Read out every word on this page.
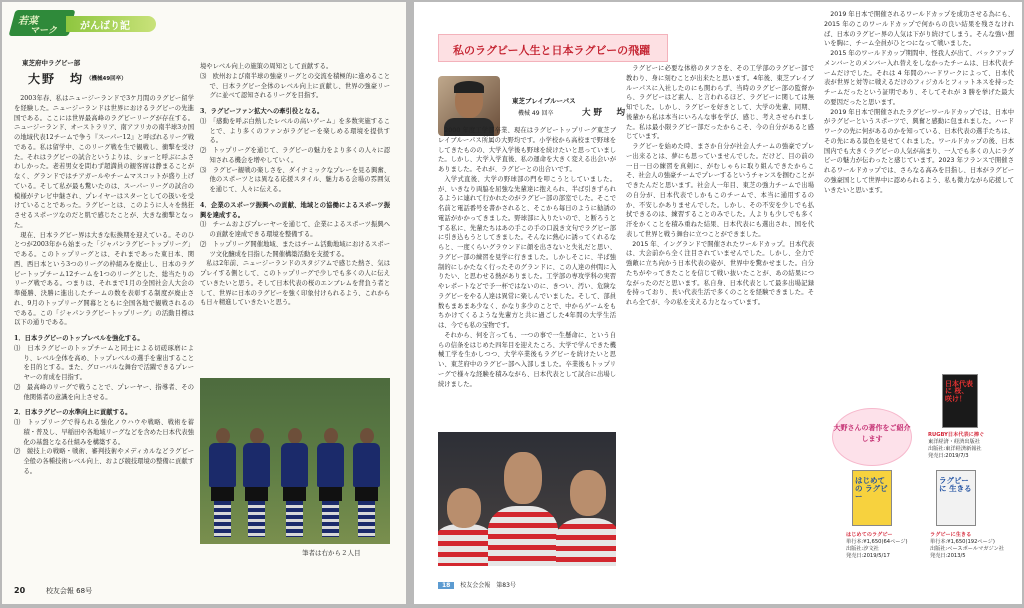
若菜
マーク がんばり記
東芝府中ラグビー部
大野　均 （機械49回卒）

2003年春、私はニュージーランドで3ケ月間のラグビー留学を経験した。ニュージーランドは世界におけるラグビーの先進国である。ここには世界最高峰のラグビーリーグが存在する。ニュージーランド、オーストラリア、南アフリカの南半球3カ国の地域代表12チームで争う『スーパー12』と呼ばれるリーグ戦である。私は留学中、このリーグ戦を生で観戦し、衝撃を受けた。それはラグビーの試合というよりは、ショーと呼ぶにふさわしかった。老若男女を問わず超満員の観客席は静まることがなく、グランドではチアガールやチームマスコットが盛り上げている。そして私が最も驚いたのは、スーパーリーグの試合の模様がテレビ中継され、プレイヤーはスターとしての扱いを受けていることであった。ラグビーとは、このように人々を熱狂させるスポーツなのだと肌で感じたことが、大きな衝撃となった。

現在、日本ラグビー界は大きな転換期を迎えている。そのひとつが2003年から始まった「ジャパンラグビートップリーグ」である。このトップリーグとは、それまであった東日本、関西、西日本という3つのリーグの枠組みを廃止し、日本のラグビートップチーム12チームを1つのリーグとした、総当たりのリーグ戦である。つまりは、それまで1月の全国社会人大会の準優勝、決勝に進出したチームの数を表彰する制度が廃止され、9月のトップリーグ開幕とともに全国各地で観戦されるのである。この「ジャパンラグビートップリーグ」の活動目標は以下の通りである。

1．日本ラグビーのトップレベルを強化する。

⑴　日本ラグビーのトップチームと同士による切磋琢磨により、レベル全体を高め、トップレベルの選手を輩出することを目的とする。また、グローバルな舞台で活躍できるプレーヤーの育成を目指す。

⑵　最高峰のリーグで戦うことで、プレーヤー、指導者、その他関係者の意識を向上させる。

2．日本ラグビーの水準向上に貢献する。

⑴　トップリーグで得られる強化ノウハウや戦略、戦術を蓄積・普及し、早稲田や各地域リーグなどを含めた日本代表強化の基盤となる仕組みを構築する。

⑵　競技上の戦略・戦術、審判技術やメディカルなどラグビー全般の各種技術レベル向上、および競技環境の整備に貢献する。

境やレベル向上の施策の周知として貢献する。

⑶　欧州および南半球の強豪リーグとの交流を積極的に進めることで、日本ラグビー全体のレベル向上に貢献し、世界の強豪リーグに並べて認知されるリーグを目指す。

3．ラグビーファン拡大への牽引役となる。

⑴　「感動を呼ぶ白熱したレベルの高いゲーム」を多数実施することで、より多くのファンがラグビーを楽しめる環境を提供する。

⑵　トップリーグを通じて、ラグビーの魅力をより多くの人々に認知される機会を増やしていく。

⑶　ラグビー観戦の楽しさを、ダイナミックなプレーを見る興奮、他のスポーツとは異なる応援スタイル、魅力ある会場の雰囲気を通じて、人々に伝える。

4．企業のスポーツ振興への貢献、地域との協働によるスポーツ振興を達成する。

⑴　チームおよびプレーヤーを通じて、企業によるスポーツ振興への貢献を達成できる環境を整備する。

⑵　トップリーグ開催地域、またはチーム活動地域におけるスポーツ文化醸成を目指した開催構築活動を支援する。

私は2年前、ニュージーランドのスタジアムで感じた熱さ、気はプレイする側として、このトップリーグで少しでも多くの人に伝えていきたいと思う。そして日本代表の桜のエンブレムを背負う者として、世界に日本のラグビーを強く印象付けられるよう、これからも日々精進していきたいと思う。

筆者は右から２人目
20	校友会報 68号
私のラグビー人生と日本ラグビーの飛躍
東芝ブレイブルーパス
機械 49 回卒	大野　均

2000 年度工学部卒業、現在はラグビートップリーグ東芝ブレイブルーパス所属の大野均です。小学校から高校まで野球をしてきたものの、大学入学後も野球を続けたいと思っていました。しかし、大学入学直後、私の運命を大きく変える出会いがありました。それが、ラグビーとの出合いです。

入学式直後、大学の野球部の門を叩こうとしていました。が、いきなり両脇を屈強な先輩達に抱えられ、半ば引きずられるように連れて行かれたのがラグビー部の部室でした。そこで名前と電話番号を書かされると、そこから毎日のように勧誘の電話がかかってきました。野球部に入りたいので、と断ろうとする私に、先輩たちはあの手この手の口説き文句でラグビー部に引き込もうとしてきました。そんなに熱心に誘ってくれるならと、一度くらいグラウンドに顔を出さないと失礼だと思い、ラグビー部の練習を見学に行きました。しかしそこに、半ば強制的にしかたなく行ったそのグランドに、この人達の仲間に入りたい、と思わせる熱がありました。工学部の専攻学科の実習やレポートなどで予一杯ではないのに、きつい、汚い、危険なラグビーをやる人達は異常に楽しんでいました。そして、部員数もまあまあ少なく、かなり多少のことで、中からゲームをもちかけてくるような先輩方と共に過ごした4年間の大学生活は、今でも私の宝物です。

それから、何を言っても、一つの事で一生懸命に、という自らの信条をはじめた四年目を迎えたころ、大学で学んできた機械工学を生かしつつ、大学卒業後もラグビーを続けたいと思い、東芝府中のラグビー部へ入部しました。卒業後もトップリーグで様々な経験を積みながら、日本代表として試合に出場し続けました。

ラグビーに必要な体格のタフさを、その工学部のラグビー部で教わり、身に刻むことが出来たと思います。4年後、東芝ブレイブルーパスに入社したのにも関わらず、当時のラグビー部の監督から、ラグビーはど素人、と言われるほど、ラグビーに関しては無知でした。しかし、ラグビーを好きとして、大学の先輩、同期、後輩から私は本当にいろんな事を学び、感じ、考えさせられました。私は最小限ラグビー部だったからこそ、今の自分があると感じています。

ラグビーを始めた時、まさか自分が社会人チームの強豪でプレー出来るとは、夢にも思っていませんでした。だけど、目の前の一日一日の練習を真剣に、がむしゃらに取り組んできたからこそ、社会人の強豪チームでプレーするというチャンスを掴むことができたんだと思います。社会人一年目、東芝の強力チームで出場の自分が、日本代表でしかもこのチームで、本当に通用するのか、不安しかありませんでした。しかし、その不安を少しでも払拭できるのは、練習することのみでした。人よりも少しでも多く汗をかくことを積み重ねた結果、日本代表にも選出され、国を代表して世界と戦う舞台に立つことができました。

2015 年、イングランドで開催されたワールドカップ。日本代表は、大会前から全く注目されていませんでした。しかし、全力で強敵に立ち向かう日本代表の姿が、世界中を驚かせました。自分たちがやってきたことを信じて戦い抜いたことが、あの結果につながったのだと思います。私自身、日本代表として最多出場記録を持っており、長い代表生活で多くのことを経験できました。それら全てが、今の私を支える力となっています。

2019 年日本で開催されるワールドカップを成功させる為にも、2015 年のこのワールドカップで何からの良い結果を残さなければ、日本のラグビー界の人気は下がり続けてしまう。そんな強い想いを胸に、チーム全員がひとつになって戦いました。

2015 年のワールドカップ期間中、怪我人が出て、バックアップメンバーとのメンバー入れ替えをしなかったチームは、日本代表チームだけでした。それは 4 年間のハードワークによって、日本代表が世界と対等に戦えるだけのフィジカルとフィットネスを持ったチームだったという証明であり、そしてそれが 3 勝を挙げた最大の要因だったと思います。

2019 年日本で開催されたラグビーワールドカップでは、日本中がラグビーというスポーツで、興奮と感動に包まれました。ハードワークの先に何があるのかを知っている、日本代表の選手たちは、その先にある景色を見せてくれました。ワールドカップの後、日本国内でも大きくラグビーの人気が高まり、一人でも多くの人にラグビーの魅力が伝わったと感じています。2023 年フランスで開催されるワールドカップでは、さらなる高みを目指し、日本がラグビーの強豪国として世界中に認められるよう、私も微力ながら応援していきたいと思います。

18 校友会会報　第83号
大野さんの著作をご紹介します
日本代表に 桜、咲け！
RUGBY日本代表に捧ぐ
東洋経済・経済出版社
出版社:東洋経済新報社
発売日:2019/7/3
はじめての ラグビー
はじめてのラグビー
単行本:¥1,650(64ページ)
出版社:汐文社
発売日:2019/5/17
ラグビーに 生きる
ラグビーに生きる
単行本:¥1,650(192ページ)
出版社:ベースボールマガジン社
発売日:2013/5
